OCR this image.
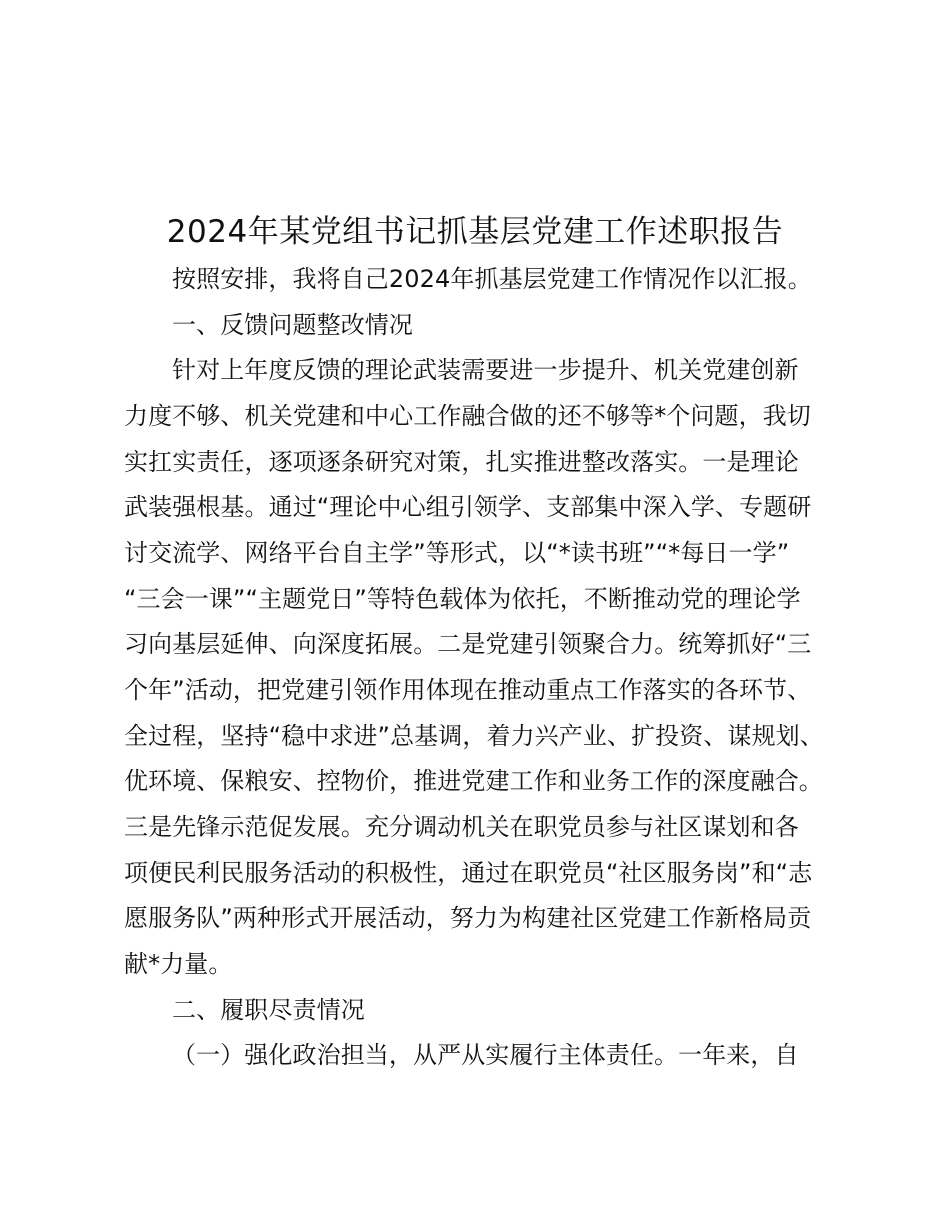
2024年某党组书记抓基层党建工作述职报告
按照安排，我将自己2024年抓基层党建工作情况作以汇报。
一、反馈问题整改情况
针对上年度反馈的理论武装需要进一步提升、机关党建创新
力度不够、机关党建和中心工作融合做的还不够等*个问题，我切
实扛实责任，逐项逐条研究对策，扎实推进整改落实。一是理论
武装强根基。通过“理论中心组引领学、支部集中深入学、专题研
讨交流学、网络平台自主学”等形式，以“*读书班”“*每日一学”
“三会一课”“主题党日”等特色载体为依托，不断推动党的理论学
习向基层延伸、向深度拓展。二是党建引领聚合力。统筹抓好“三
个年”活动，把党建引领作用体现在推动重点工作落实的各环节、
全过程，坚持“稳中求进”总基调，着力兴产业、扩投资、谋规划、
优环境、保粮安、控物价，推进党建工作和业务工作的深度融合。
三是先锋示范促发展。充分调动机关在职党员参与社区谋划和各
项便民利民服务活动的积极性，通过在职党员“社区服务岗”和“志
愿服务队”两种形式开展活动，努力为构建社区党建工作新格局贡
献*力量。
二、履职尽责情况
（一）强化政治担当，从严从实履行主体责任。一年来，自
